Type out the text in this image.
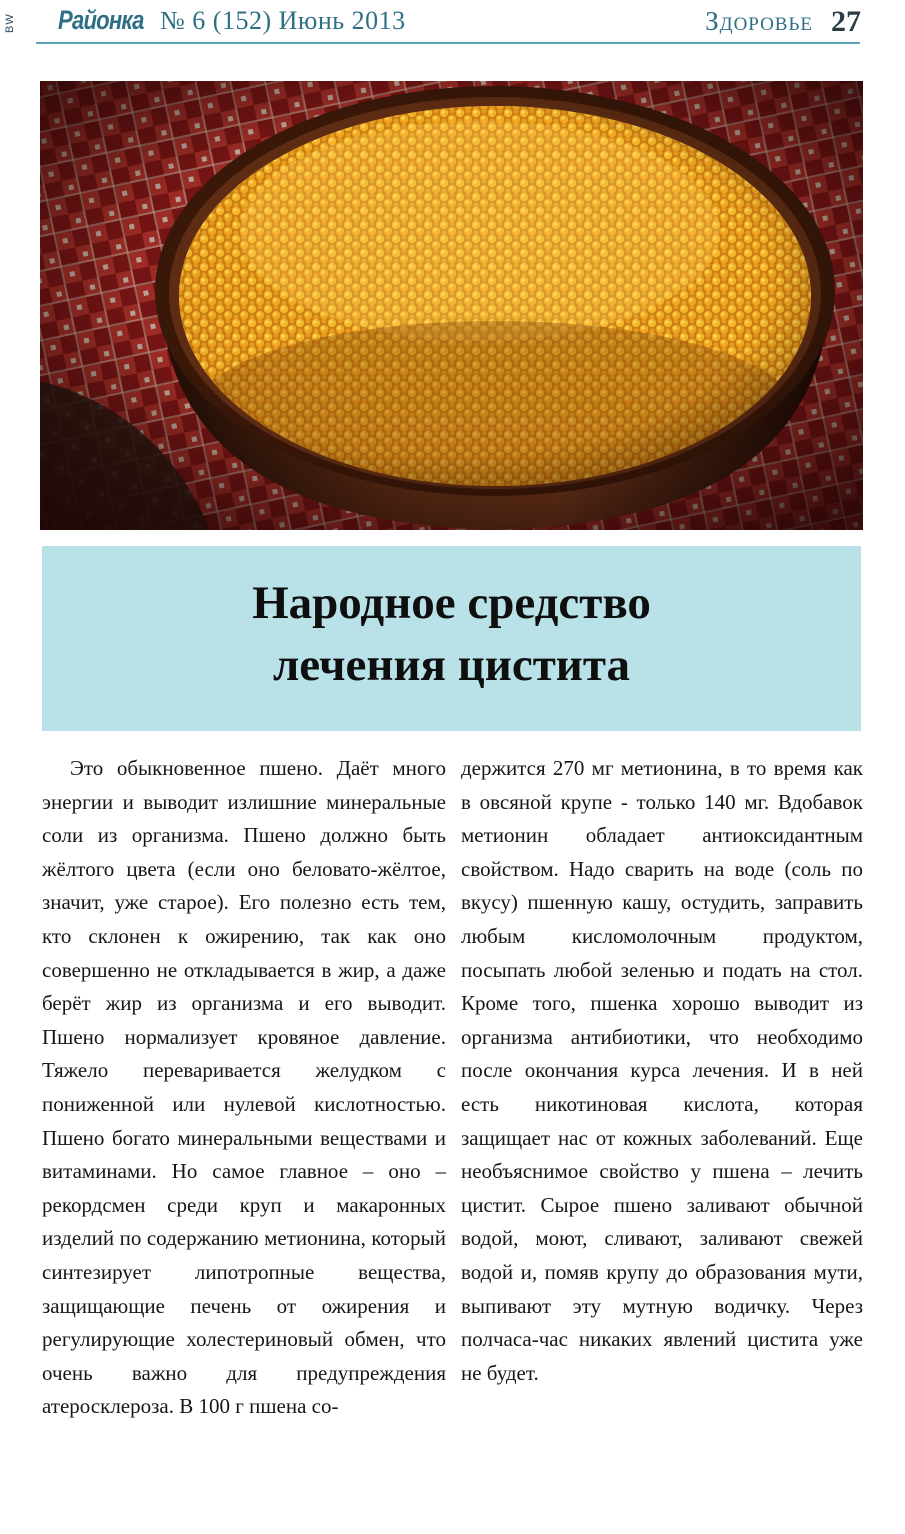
BW Районка № 6 (152) Июнь 2013	Здоровье 27
Народное средство
лечения цистита

Это обыкновенное пшено. Даёт много энергии и выводит излишние минеральные соли из организма. Пшено должно быть жёлтого цвета (если оно беловато-жёлтое, значит, уже старое). Его полезно есть тем, кто склонен к ожирению, так как оно совершенно не откладывается в жир, а даже берёт жир из организма и его выводит. Пшено нормализует кровяное давление. Тяжело переваривается желудком с пониженной или нулевой кислотностью. Пшено богато минеральными веществами и витаминами. Но самое главное – оно – рекордсмен среди круп и макаронных изделий по содержанию метионина, который синтезирует липотропные вещества, защищающие печень от ожирения и регулирующие холестериновый обмен, что очень важно для предупреждения атеросклероза. В 100 г пшена со-

держится 270 мг метионина, в то время как в овсяной крупе - только 140 мг. Вдобавок метионин обладает антиоксидантным свойством. Надо сварить на воде (соль по вкусу) пшенную кашу, остудить, заправить любым кисломолочным продуктом, посыпать любой зеленью и подать на стол. Кроме того, пшенка хорошо выводит из организма антибиотики, что необходимо после окончания курса лечения. И в ней есть никотиновая кислота, которая защищает нас от кожных заболеваний. Еще необъяснимое свойство у пшена – лечить цистит. Сырое пшено заливают обычной водой, моют, сливают, заливают свежей водой и, помяв крупу до образования мути, выпивают эту мутную водичку. Через полчаса-час никаких явлений цистита уже не будет.
